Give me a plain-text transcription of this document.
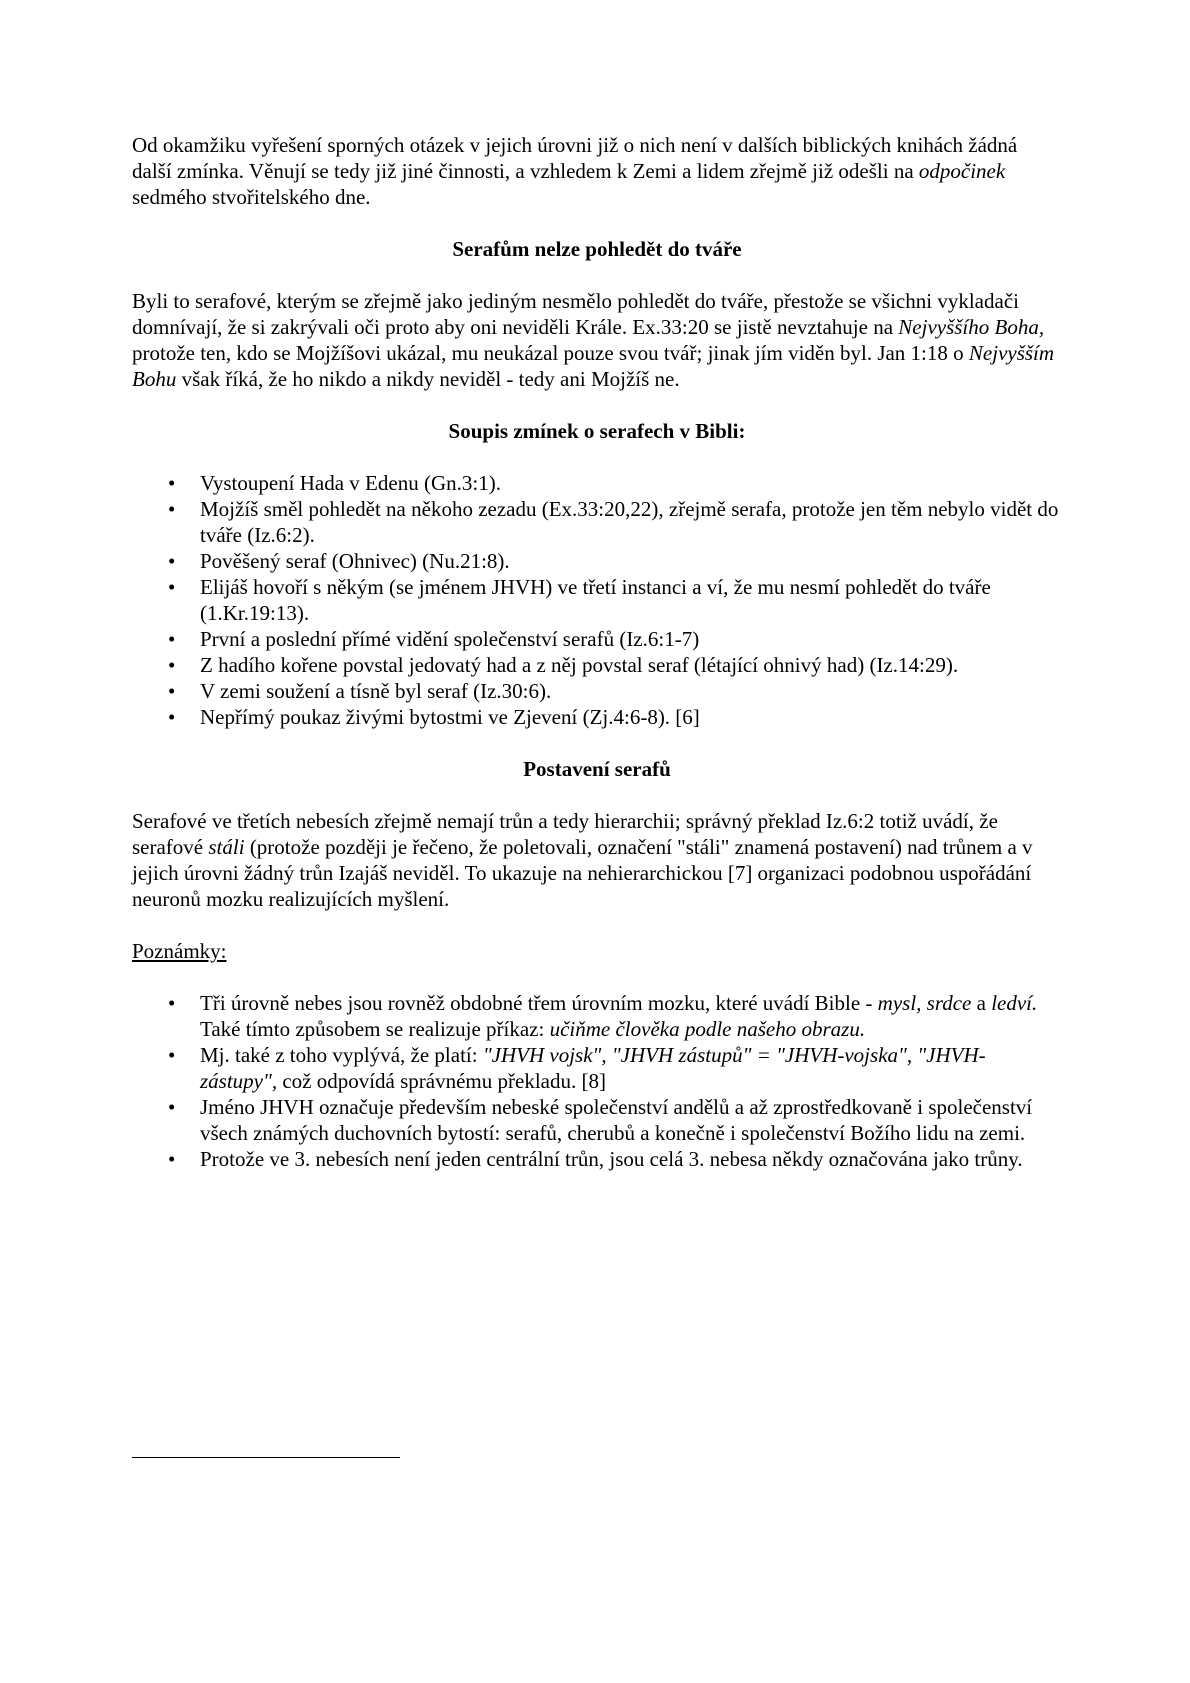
Od okamžiku vyřešení sporných otázek v jejich úrovni již o nich není v dalších biblických knihách žádná další zmínka. Věnují se tedy již jiné činnosti, a vzhledem k Zemi a lidem zřejmě již odešli na odpočinek sedmého stvořitelského dne.

Serafům nelze pohledět do tváře

Byli to serafové, kterým se zřejmě jako jediným nesmělo pohledět do tváře, přestože se všichni vykladači domnívají, že si zakrývali oči proto aby oni neviděli Krále. Ex.33:20 se jistě nevztahuje na Nejvyššího Boha, protože ten, kdo se Mojžíšovi ukázal, mu neukázal pouze svou tvář; jinak jím viděn byl. Jan 1:18 o Nejvyšším Bohu však říká, že ho nikdo a nikdy neviděl - tedy ani Mojžíš ne.

Soupis zmínek o serafech v Bibli:
• Vystoupení Hada v Edenu (Gn.3:1).
• Mojžíš směl pohledět na někoho zezadu (Ex.33:20,22), zřejmě serafa, protože jen těm nebylo vidět do tváře (Iz.6:2).
• Pověšený seraf (Ohnivec) (Nu.21:8).
• Elijáš hovoří s někým (se jménem JHVH) ve třetí instanci a ví, že mu nesmí pohledět do tváře (1.Kr.19:13).
• První a poslední přímé vidění společenství serafů (Iz.6:1-7)
• Z hadího kořene povstal jedovatý had a z něj povstal seraf (létající ohnivý had) (Iz.14:29).
• V zemi soužení a tísně byl seraf (Iz.30:6).
• Nepřímý poukaz živými bytostmi ve Zjevení (Zj.4:6-8). [6]
Postavení serafů

Serafové ve třetích nebesích zřejmě nemají trůn a tedy hierarchii; správný překlad Iz.6:2 totiž uvádí, že serafové stáli (protože později je řečeno, že poletovali, označení "stáli" znamená postavení) nad trůnem a v jejich úrovni žádný trůn Izajáš neviděl. To ukazuje na nehierarchickou [7] organizaci podobnou uspořádání neuronů mozku realizujících myšlení.

Poznámky:

• Tři úrovně nebes jsou rovněž obdobné třem úrovním mozku, které uvádí Bible - mysl, srdce a ledví. Také tímto způsobem se realizuje příkaz: učiňme člověka podle našeho obrazu.
• Mj. také z toho vyplývá, že platí: "JHVH vojsk", "JHVH zástupů" = "JHVH-vojska", "JHVH-zástupy", což odpovídá správnému překladu. [8]
• Jméno JHVH označuje především nebeské společenství andělů a až zprostředkovaně i společenství všech známých duchovních bytostí: serafů, cherubů a konečně i společenství Božího lidu na zemi.
• Protože ve 3. nebesích není jeden centrální trůn, jsou celá 3. nebesa někdy označována jako trůny.
